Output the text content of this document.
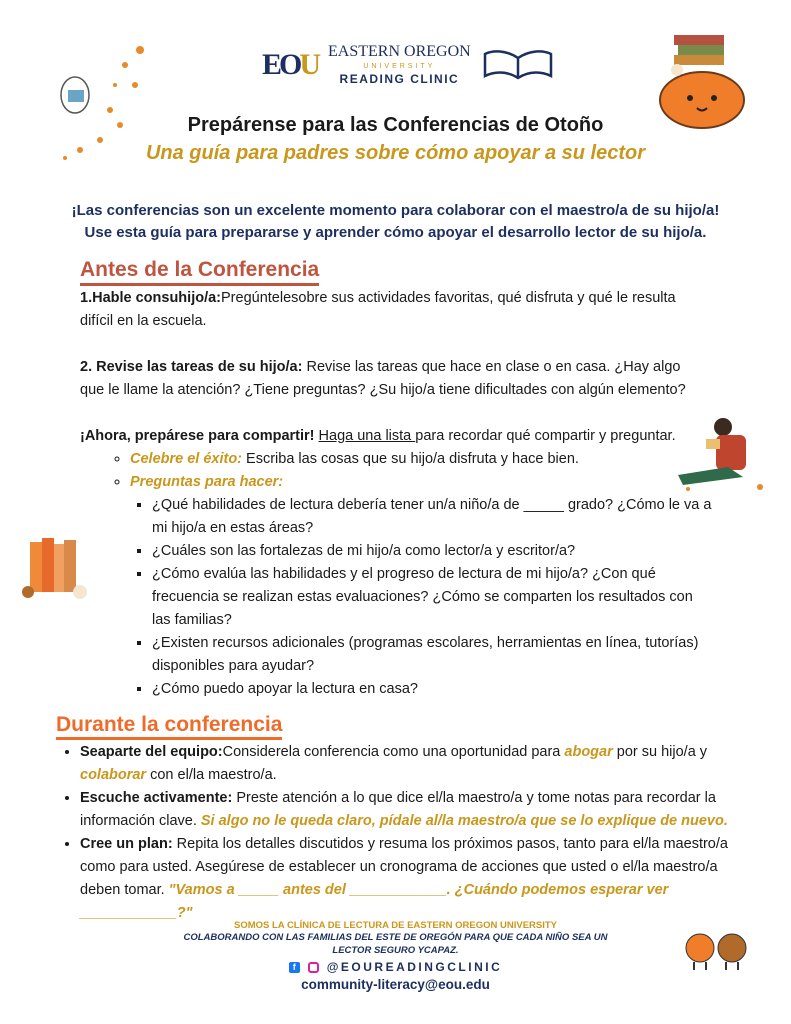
EOU EASTERN OREGON
UNIVERSITY
READING CLINIC
Prepárense para las Conferencias de Otoño
Una guía para padres sobre cómo apoyar a su lector
¡Las conferencias son un excelente momento para colaborar con el maestro/a de su hijo/a!
Use esta guía para prepararse y aprender cómo apoyar el desarrollo lector de su hijo/a.
Antes de la Conferencia

1.Hable consuhijo/a:Pregúntelesobre sus actividades favoritas, qué disfruta y qué le resulta difícil en la escuela.

2. Revise las tareas de su hijo/a: Revise las tareas que hace en clase o en casa. ¿Hay algo que le llame la atención? ¿Tiene preguntas? ¿Su hijo/a tiene dificultades con algún elemento?

¡Ahora, prepárese para compartir! Haga una lista para recordar qué compartir y preguntar.

◦ Celebre el éxito: Escriba las cosas que su hijo/a disfruta y hace bien.
◦ Preguntas para hacer:
▪ ¿Qué habilidades de lectura debería tener un/a niño/a de _____ grado? ¿Cómo le va a mi hijo/a en estas áreas?
▪ ¿Cuáles son las fortalezas de mi hijo/a como lector/a y escritor/a?
▪ ¿Cómo evalúa las habilidades y el progreso de lectura de mi hijo/a? ¿Con qué frecuencia se realizan estas evaluaciones? ¿Cómo se comparten los resultados con las familias?
▪ ¿Existen recursos adicionales (programas escolares, herramientas en línea, tutorías) disponibles para ayudar?
▪ ¿Cómo puedo apoyar la lectura en casa?
Durante la conferencia
• Seaparte del equipo:Considerela conferencia como una oportunidad para abogar por su hijo/a y colaborar con el/la maestro/a.
• Escuche activamente: Preste atención a lo que dice el/la maestro/a y tome notas para recordar la información clave. Si algo no le queda claro, pídale al/la maestro/a que se lo explique de nuevo.
• Cree un plan: Repita los detalles discutidos y resuma los próximos pasos, tanto para el/la maestro/a como para usted. Asegúrese de establecer un cronograma de acciones que usted o el/la maestro/a deben tomar. "Vamos a _____ antes del ____________. ¿Cuándo podemos esperar ver ____________?"
SOMOS LA CLÍNICA DE LECTURA DE EASTERN OREGON UNIVERSITY
COLABORANDO CON LAS FAMILIAS DEL ESTE DE OREGÓN PARA QUE CADA NIÑO SEA UN
LECTOR SEGURO YCAPAZ.
f	@EOUREADINGCLINIC
community-literacy@eou.edu
